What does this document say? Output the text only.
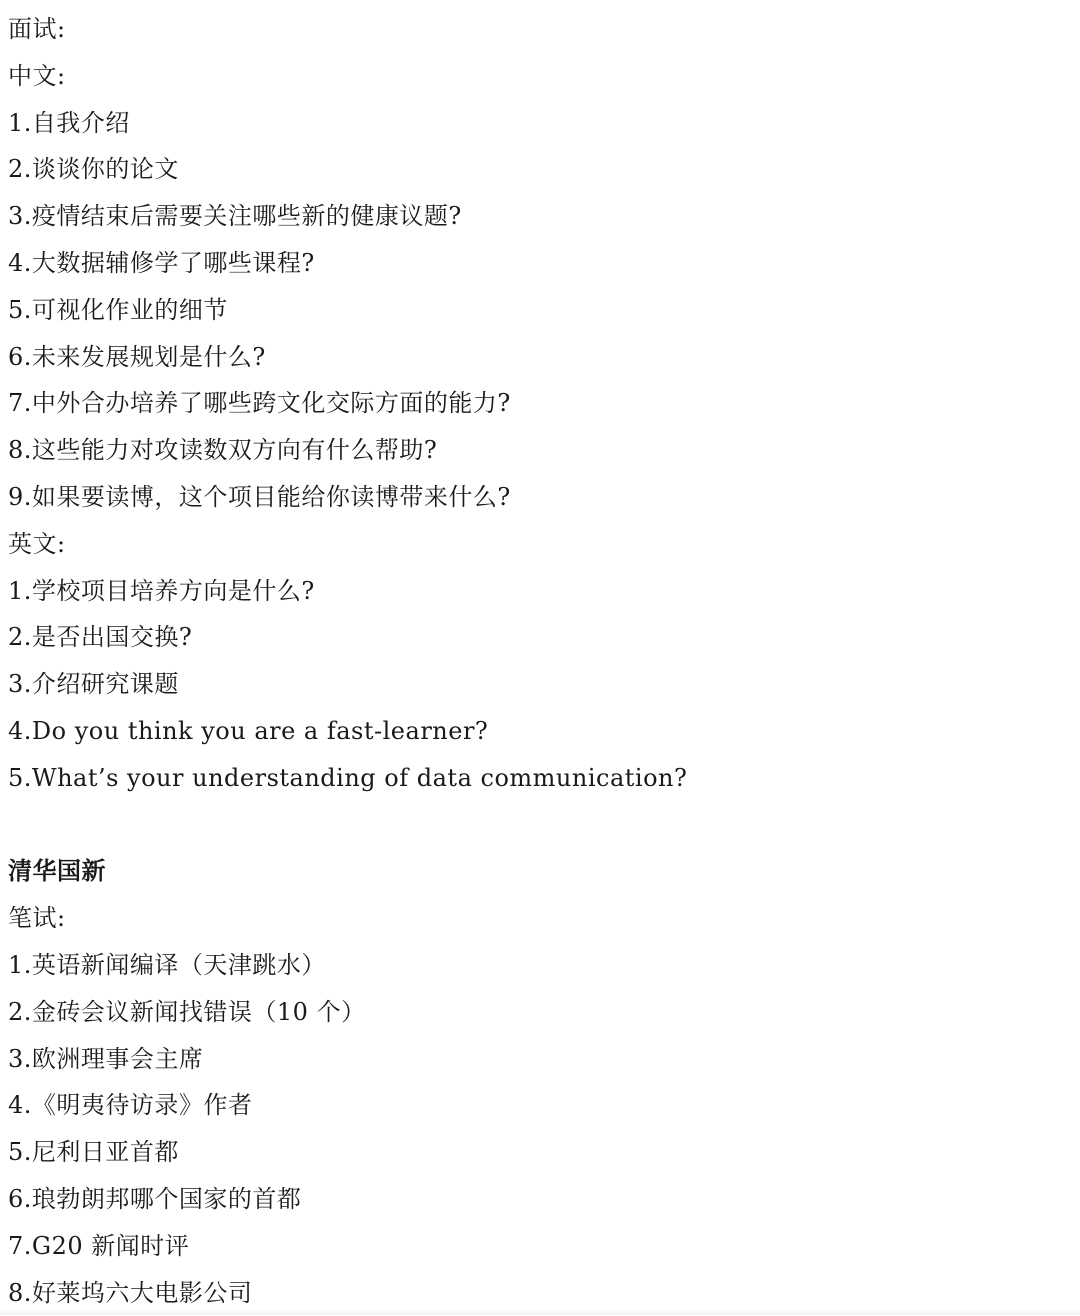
面试:
中文:
1.自我介绍
2.谈谈你的论文
3.疫情结束后需要关注哪些新的健康议题?
4.大数据辅修学了哪些课程?
5.可视化作业的细节
6.未来发展规划是什么?
7.中外合办培养了哪些跨文化交际方面的能力?
8.这些能力对攻读数双方向有什么帮助?
9.如果要读博，这个项目能给你读博带来什么?
英文:
1.学校项目培养方向是什么?
2.是否出国交换?
3.介绍研究课题
4.Do you think you are a fast-learner?
5.What’s your understanding of data communication?
清华国新
笔试:
1.英语新闻编译（天津跳水）
2.金砖会议新闻找错误（10 个）
3.欧洲理事会主席
4.《明夷待访录》作者
5.尼利日亚首都
6.琅勃朗邦哪个国家的首都
7.G20 新闻时评
8.好莱坞六大电影公司
